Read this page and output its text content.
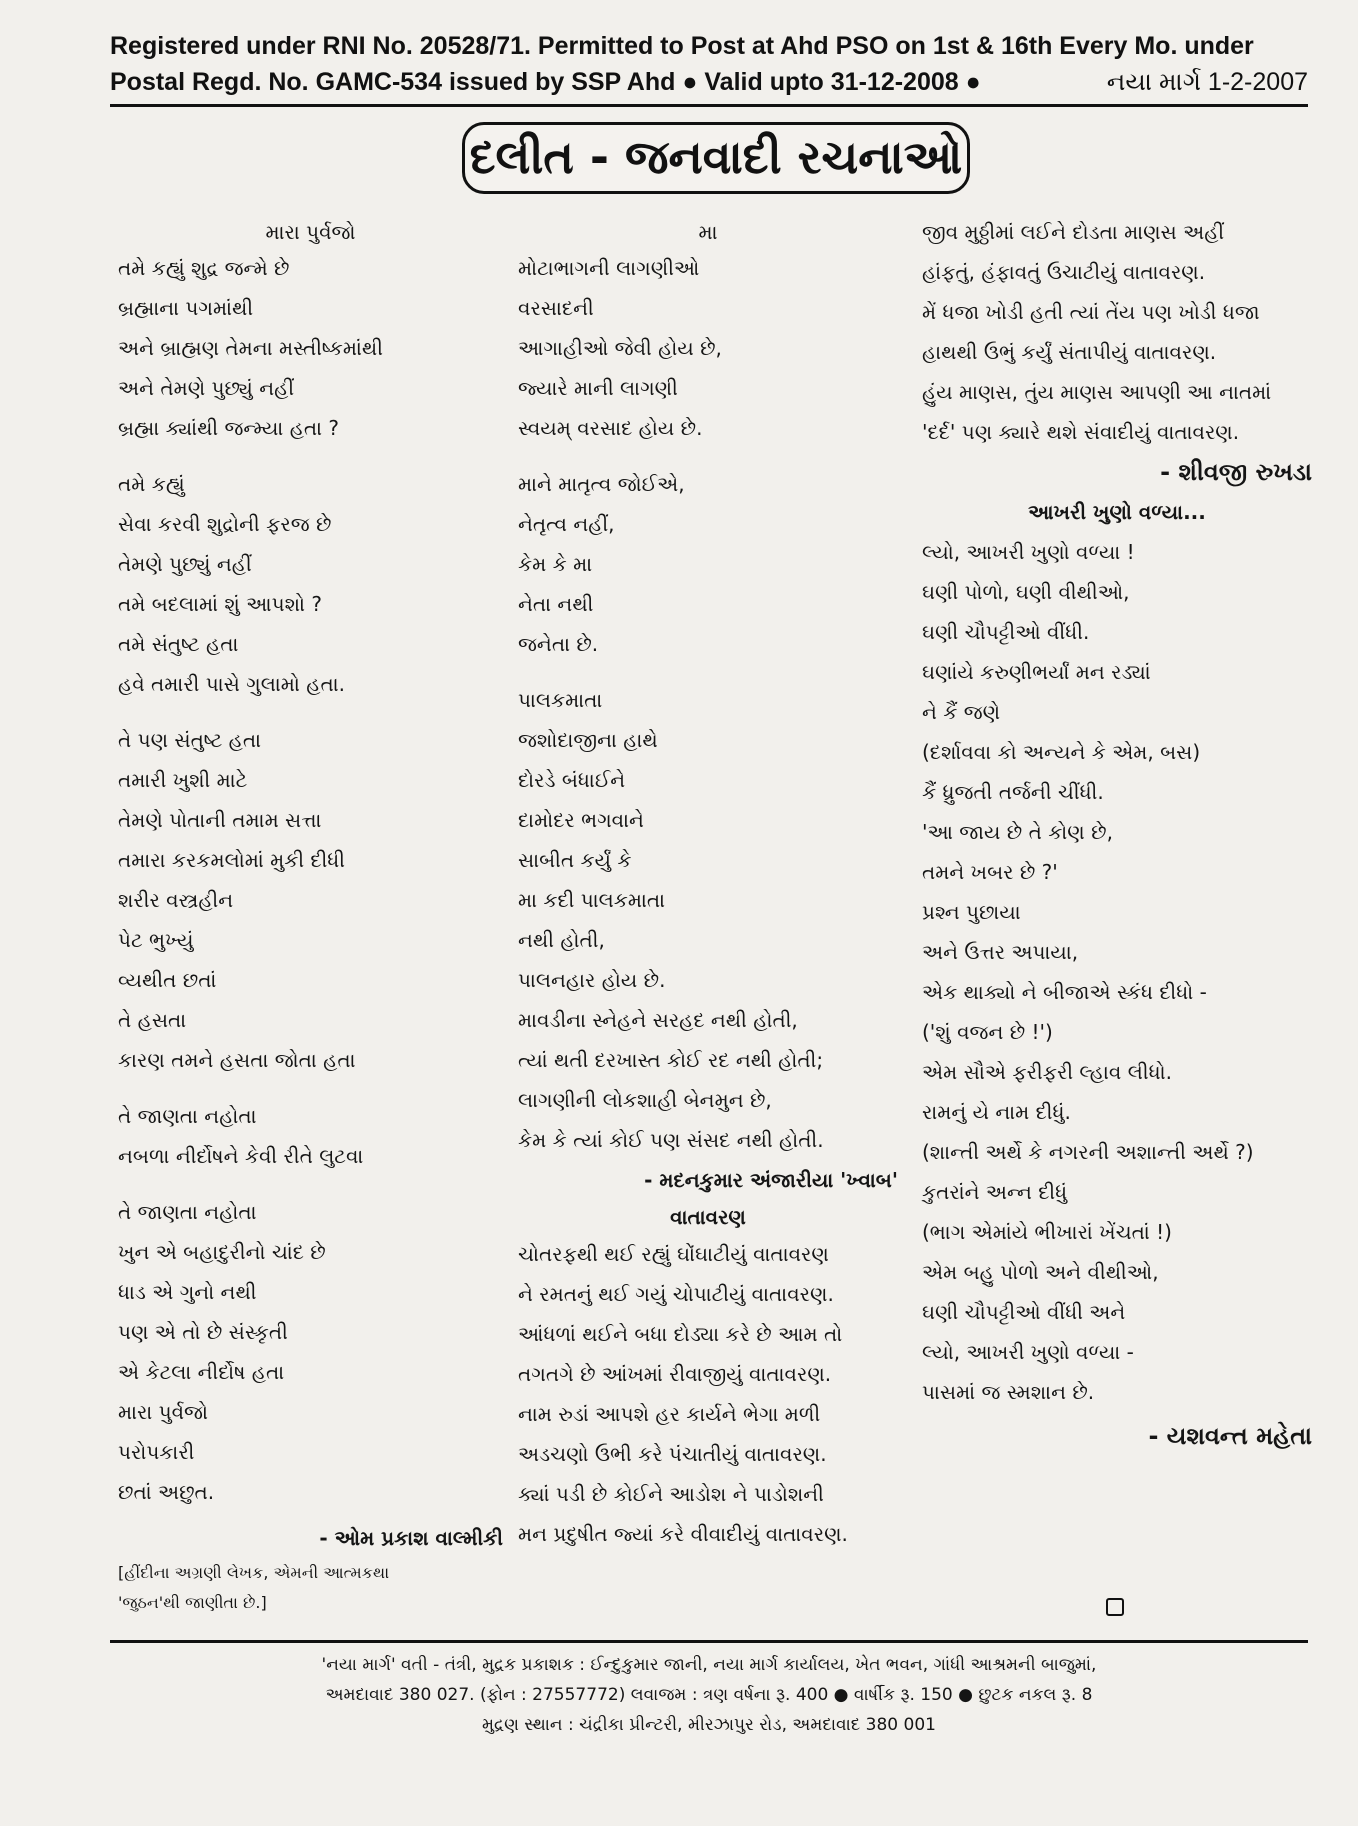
Registered under RNI No. 20528/71. Permitted to Post at Ahd PSO on 1st & 16th Every Mo. under
Postal Regd. No. GAMC-534 issued by SSP Ahd ● Valid upto 31-12-2008 ●	નયા માર્ગ 1-2-2007
દલીત - જનવાદી રચનાઓ
મારા પુર્વજો
તમે કહ્યું શુદ્ર જન્મે છે
બ્રહ્માના પગમાંથી
અને બ્રાહ્મણ તેમના મસ્તીષ્કમાંથી
અને તેમણે પુછ્યું નહીં
બ્રહ્મા ક્યાંથી જન્મ્યા હતા ?
તમે કહ્યું
સેવા કરવી શુદ્રોની ફરજ છે
તેમણે પુછ્યું નહીં
તમે બદલામાં શું આપશો ?
તમે સંતુષ્ટ હતા
હવે તમારી પાસે ગુલામો હતા.
તે પણ સંતુષ્ટ હતા
તમારી ખુશી માટે
તેમણે પોતાની તમામ સત્તા
તમારા કરકમલોમાં મુકી દીધી
શરીર વસ્ત્રહીન
પેટ ભુખ્યું
વ્યથીત છતાં
તે હસતા
કારણ તમને હસતા જોતા હતા
તે જાણતા નહોતા
નબળા નીર્દોષને કેવી રીતે લુટવા
તે જાણતા નહોતા
ખુન એ બહાદુરીનો ચાંદ છે
ધાડ એ ગુનો નથી
પણ એ તો છે સંસ્કૃતી
એ કેટલા નીર્દોષ હતા
મારા પુર્વજો
પરોપકારી
છતાં અછુત.
- ઓમ પ્રકાશ વાલ્મીકી
[હીંદીના અગ્રણી લેખક, એમની આત્મકથા
'જુઠન'થી જાણીતા છે.]
મા
મોટાભાગની લાગણીઓ
વરસાદની
આગાહીઓ જેવી હોય છે,
જ્યારે માની લાગણી
સ્વયમ્ વરસાદ હોય છે.
માને માતૃત્વ જોઈએ,
નેતૃત્વ નહીં,
કેમ કે મા
નેતા નથી
જનેતા છે.
પાલકમાતા
જશોદાજીના હાથે
દોરડે બંધાઈને
દામોદર ભગવાને
સાબીત કર્યું કે
મા કદી પાલકમાતા
નથી હોતી,
પાલનહાર હોય છે.
માવડીના સ્નેહને સરહદ નથી હોતી,
ત્યાં થતી દરખાસ્ત કોઈ રદ નથી હોતી;
લાગણીની લોકશાહી બેનમુન છે,
કેમ કે ત્યાં કોઈ પણ સંસદ નથી હોતી.
- મદનકુમાર અંજારીયા 'ખ્વાબ'
વાતાવરણ
ચોતરફથી થઈ રહ્યું ઘોંઘાટીયું વાતાવરણ
ને રમતનું થઈ ગયું ચોપાટીયું વાતાવરણ.
આંધળાં થઈને બધા દોડ્યા કરે છે આમ તો
તગતગે છે આંખમાં રીવાજીયું વાતાવરણ.
નામ રુડાં આપશે હર કાર્યને ભેગા મળી
અડચણો ઉભી કરે પંચાતીયું વાતાવરણ.
ક્યાં પડી છે કોઈને આડોશ ને પાડોશની
મન પ્રદુષીત જ્યાં કરે વીવાદીયું વાતાવરણ.
જીવ મુઠ્ઠીમાં લઈને દોડતા માણસ અહીં
હાંફતું, હંફાવતું ઉચાટીયું વાતાવરણ.
મેં ધજા ખોડી હતી ત્યાં તેંય પણ ખોડી ધજા
હાથથી ઉભું કર્યું સંતાપીયું વાતાવરણ.
હુંય માણસ, તુંય માણસ આપણી આ નાતમાં
'દર્દ' પણ ક્યારે થશે સંવાદીયું વાતાવરણ.
- શીવજી રુખડા
આખરી ખુણો વળ્યા...
લ્યો, આખરી ખુણો વળ્યા !
ઘણી પોળો, ઘણી વીથીઓ,
ઘણી ચૌપટ્ટીઓ વીંધી.
ઘણાંયે કરુણીભર્યાં મન રડ્યાં
ને કૈં જણે
(દર્શાવવા કો અન્યને કે એમ, બસ)
કૈં ધ્રુજતી તર્જની ચીંધી.
'આ જાય છે તે કોણ છે,
તમને ખબર છે ?'
પ્રશ્ન પુછાયા
અને ઉત્તર અપાયા,
એક થાક્યો ને બીજાએ સ્કંધ દીધો -
('શું વજન છે !')
એમ સૌએ ફરીફરી લ્હાવ લીધો.
રામનું યે નામ દીધું.
(શાન્તી અર્થે કે નગરની અશાન્તી અર્થે ?)
કુતરાંને અન્ન દીધું
(ભાગ એમાંયે ભીખારાં ખેંચતાં !)
એમ બહુ પોળો અને વીથીઓ,
ઘણી ચૌપટ્ટીઓ વીંધી અને
લ્યો, આખરી ખુણો વળ્યા -
પાસમાં જ સ્મશાન છે.
- યશવન્ત મહેતા
'નયા માર્ગ' વતી - તંત્રી, મુદ્રક પ્રકાશક : ઈન્દુકુમાર જાની, નયા માર્ગ કાર્યાલય, ખેત ભવન, ગાંધી આશ્રમની બાજુમાં,
અમદાવાદ 380 027. (ફોન : 27557772) લવાજમ : ત્રણ વર્ષના રૂ. 400 ● વાર્ષીક રૂ. 150 ● છુટક નકલ રૂ. 8
મુદ્રણ સ્થાન : ચંદ્રીકા પ્રીન્ટરી, મીરઝાપુર રોડ, અમદાવાદ 380 001
